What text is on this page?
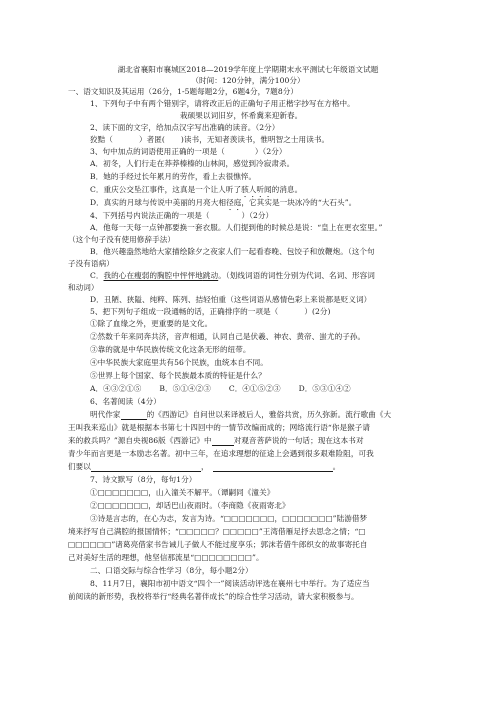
湖北省襄阳市襄城区2018—2019学年度上学期期末水平测试七年级语文试题
（时间：120分钟，满分100分）
一、语文知识及其运用（26分，1-5题每题2分，6题4分，7题8分）
1、下列句子中有两个错别字，请将改正后的正确句子用正楷字抄写在方格中。
栽硕果以词旧岁，怀希冀来迎新春。
2、读下面的文字，给加点汉字写出准确的读音。（2分）
狡黠（	）者匿( )读书，无知者羡读书，惟明智之士用读书。
3、句中加点的词语使用正确的一项是（	）（2分）
A．初冬，人们行走在莽莽榛榛的山林间，感觉到冷寂肃杀。
B．她的手经过长年累月的劳作，看上去很憔悴。
C．重庆公交坠江事件，这真是一个让人听了骇人听闻的消息。
D．真实的月球与传说中美丽的月亮大相径庭，它其实是一块冰冷的“大石头”。
4、下列括号内说法正确的一项是（	）（2分）
A．他每一天每一点钟都要换一套衣服。人们提到他的时候总是说：“皇上在更衣室里。”
（这个句子没有使用修辞手法）
B．他兴趣盎然地给大家描绘除夕之夜家人们一起看春晚、包饺子和放鞭炮。（这个句
子没有语病）
C．我的心在瘦弱的胸腔中怦怦地跳动。（划线词语的词性分别为代词、名词、形容词
和动词）
D．丑陋、狭隘、纯粹、陈列、拮轻怕重（这些词语从感情色彩上来说都是贬义词）
5、把下列句子组成一段通畅的话，正确排序的一项是（	）(2分)
①除了血缘之外，更重要的是文化。
②然数千年来同奔共济，音声相通，认同自己是伏羲、神农、黄帝、蚩尤的子孙。
③靠的就是中华民族传统文化这条无形的纽带。
④中华民族大家庭里共有56个民族，血统本自不同。
⑤世界上每个国家、每个民族最本质的特征是什么？
A．④③②①⑤ B．⑤①④②③ C．④①⑤②③ D．⑤③①④②
6、名著阅读（4分）
明代作家	的《西游记》自问世以来译被后人，雅俗共赏，历久弥新。流行歌曲《大
王叫我来巡山》就是根据本书第七十四回中的一情节改编而成的；网络流行语“你是猴子请
来的救兵吗？”源自央视86版《西游记》中	对观音菩萨说的一句话；现在这本书对
青少年而言更是一本励志名著。初中三年，在追求理想的征途上会遇到很多艰难险阻，可我
们要以	，	。
7、诗文默写（8分，每句1分）
①□□□□□□□，山入潼关不解平。（谭嗣同《潼关》
②□□□□□□□，却话巴山夜雨时。（李商隐《夜雨寄北》
③诗是言志的，在心为志，发言为诗。“□□□□□□□，□□□□□□□”陆游借梦
境来抒写自己满腔的报国情怀；“□□□□□？□□□□□”王湾借雁足抒去思念之情；“□
□□□□□□”诸葛亮借家书告诫儿子做人不能过度享乐；郭沫若借牛郎织女的故事寄托自
己对美好生活的理想，他坚信那流星“□□□□□□□□”。
二、口语交际与综合性学习（8分，每小题2分）
8、11月7日，襄阳市初中语文“四个一”阅读活动评选在襄州七中举行。为了适应当
前阅读的新形势，我校将举行“经典名著伴成长”的综合性学习活动，请大家积极参与。
